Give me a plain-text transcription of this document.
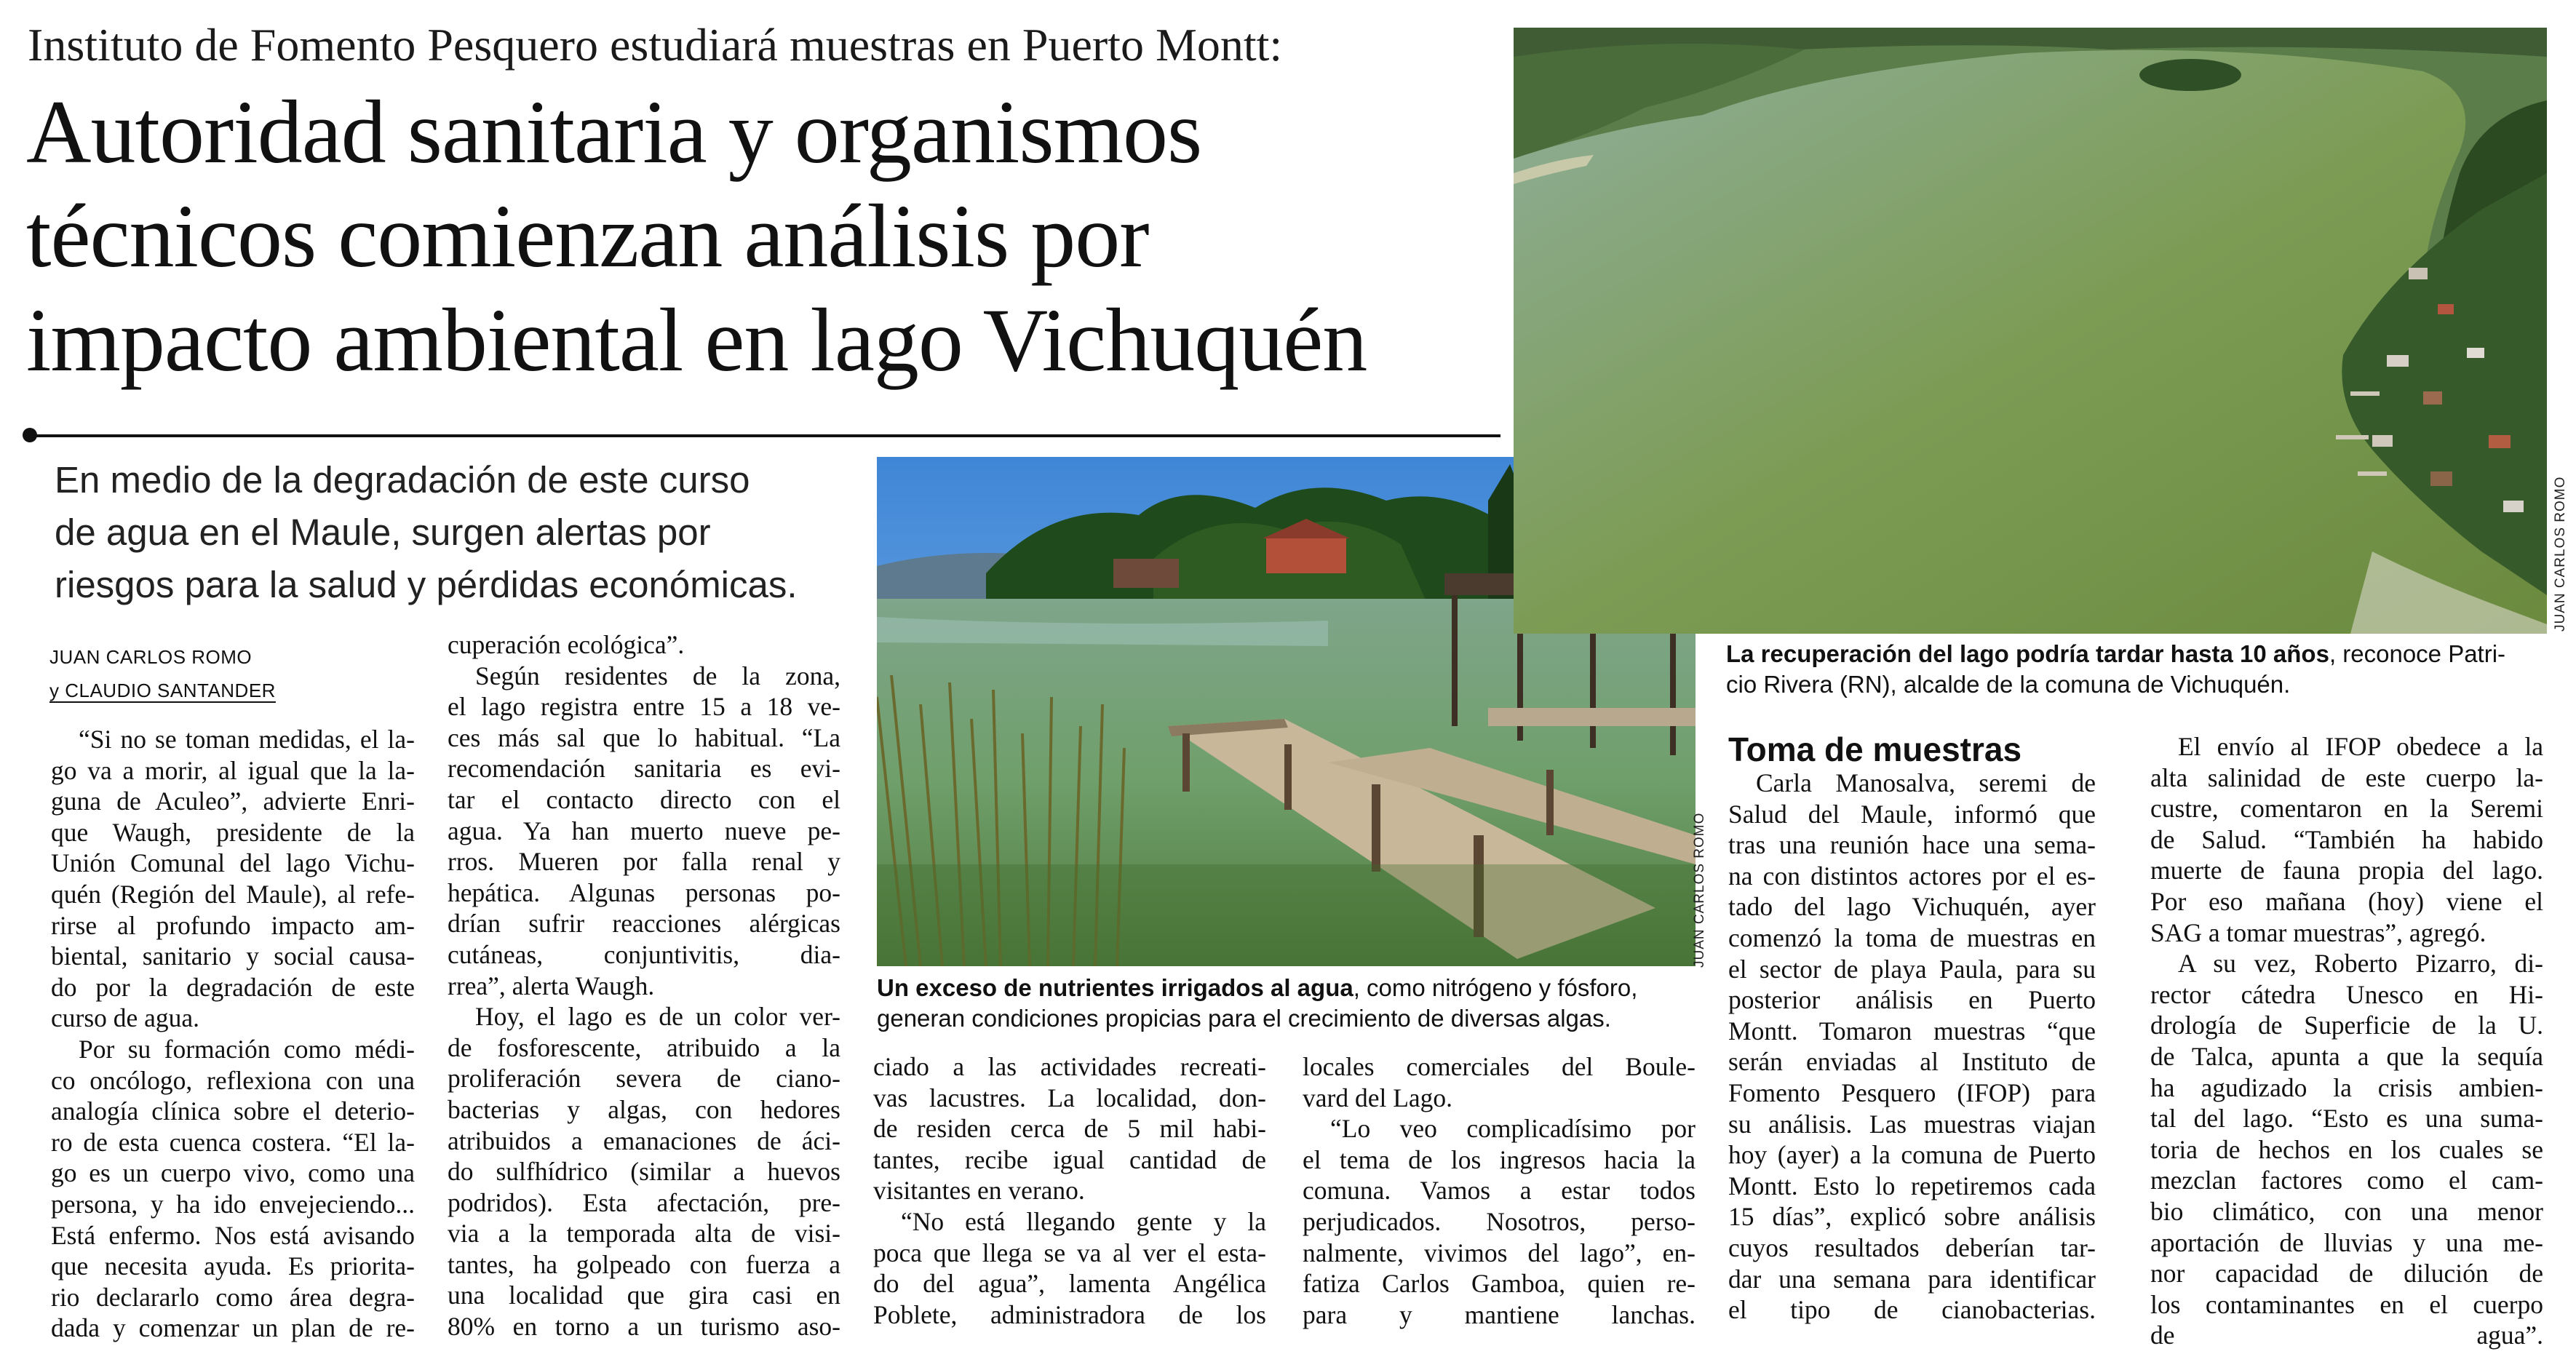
Instituto de Fomento Pesquero estudiará muestras en Puerto Montt:
Autoridad sanitaria y organismos
técnicos comienzan análisis por
impacto ambiental en lago Vichuquén
En medio de la degradación de este curso
de agua en el Maule, surgen alertas por
riesgos para la salud y pérdidas económicas.
JUAN CARLOS ROMO
y CLAUDIO SANTANDER
“Si no se toman medidas, el la-
go va a morir, al igual que la la-
guna de Aculeo”, advierte Enri-
que Waugh, presidente de la
Unión Comunal del lago Vichu-
quén (Región del Maule), al refe-
rirse al profundo impacto am-
biental, sanitario y social causa-
do por la degradación de este
curso de agua.
Por su formación como médi-
co oncólogo, reflexiona con una
analogía clínica sobre el deterio-
ro de esta cuenca costera. “El la-
go es un cuerpo vivo, como una
persona, y ha ido envejeciendo...
Está enfermo. Nos está avisando
que necesita ayuda. Es priorita-
rio declararlo como área degra-
dada y comenzar un plan de re-
cuperación ecológica”.
Según residentes de la zona,
el lago registra entre 15 a 18 ve-
ces más sal que lo habitual. “La
recomendación sanitaria es evi-
tar el contacto directo con el
agua. Ya han muerto nueve pe-
rros. Mueren por falla renal y
hepática. Algunas personas po-
drían sufrir reacciones alérgicas
cutáneas, conjuntivitis, dia-
rrea”, alerta Waugh.
Hoy, el lago es de un color ver-
de fosforescente, atribuido a la
proliferación severa de ciano-
bacterias y algas, con hedores
atribuidos a emanaciones de áci-
do sulfhídrico (similar a huevos
podridos). Esta afectación, pre-
via a la temporada alta de visi-
tantes, ha golpeado con fuerza a
una localidad que gira casi en
80% en torno a un turismo aso-
ciado a las actividades recreati-
vas lacustres. La localidad, don-
de residen cerca de 5 mil habi-
tantes, recibe igual cantidad de
visitantes en verano.
“No está llegando gente y la
poca que llega se va al ver el esta-
do del agua”, lamenta Angélica
Poblete, administradora de los
locales comerciales del Boule-
vard del Lago.
“Lo veo complicadísimo por
el tema de los ingresos hacia la
comuna. Vamos a estar todos
perjudicados. Nosotros, perso-
nalmente, vivimos del lago”, en-
fatiza Carlos Gamboa, quien re-
para y mantiene lanchas.
Toma de muestras
Carla Manosalva, seremi de
Salud del Maule, informó que
tras una reunión hace una sema-
na con distintos actores por el es-
tado del lago Vichuquén, ayer
comenzó la toma de muestras en
el sector de playa Paula, para su
posterior análisis en Puerto
Montt. Tomaron muestras “que
serán enviadas al Instituto de
Fomento Pesquero (IFOP) para
su análisis. Las muestras viajan
hoy (ayer) a la comuna de Puerto
Montt. Esto lo repetiremos cada
15 días”, explicó sobre análisis
cuyos resultados deberían tar-
dar una semana para identificar
el tipo de cianobacterias.
El envío al IFOP obedece a la
alta salinidad de este cuerpo la-
custre, comentaron en la Seremi
de Salud. “También ha habido
muerte de fauna propia del lago.
Por eso mañana (hoy) viene el
SAG a tomar muestras”, agregó.
A su vez, Roberto Pizarro, di-
rector cátedra Unesco en Hi-
drología de Superficie de la U.
de Talca, apunta a que la sequía
ha agudizado la crisis ambien-
tal del lago. “Esto es una suma-
toria de hechos en los cuales se
mezclan factores como el cam-
bio climático, con una menor
aportación de lluvias y una me-
nor capacidad de dilución de
los contaminantes en el cuerpo
de agua”.
Un exceso de nutrientes irrigados al agua, como nitrógeno y fósforo,
generan condiciones propicias para el crecimiento de diversas algas.
JUAN CARLOS ROMO
JUAN CARLOS ROMO
La recuperación del lago podría tardar hasta 10 años, reconoce Patri-
cio Rivera (RN), alcalde de la comuna de Vichuquén.
